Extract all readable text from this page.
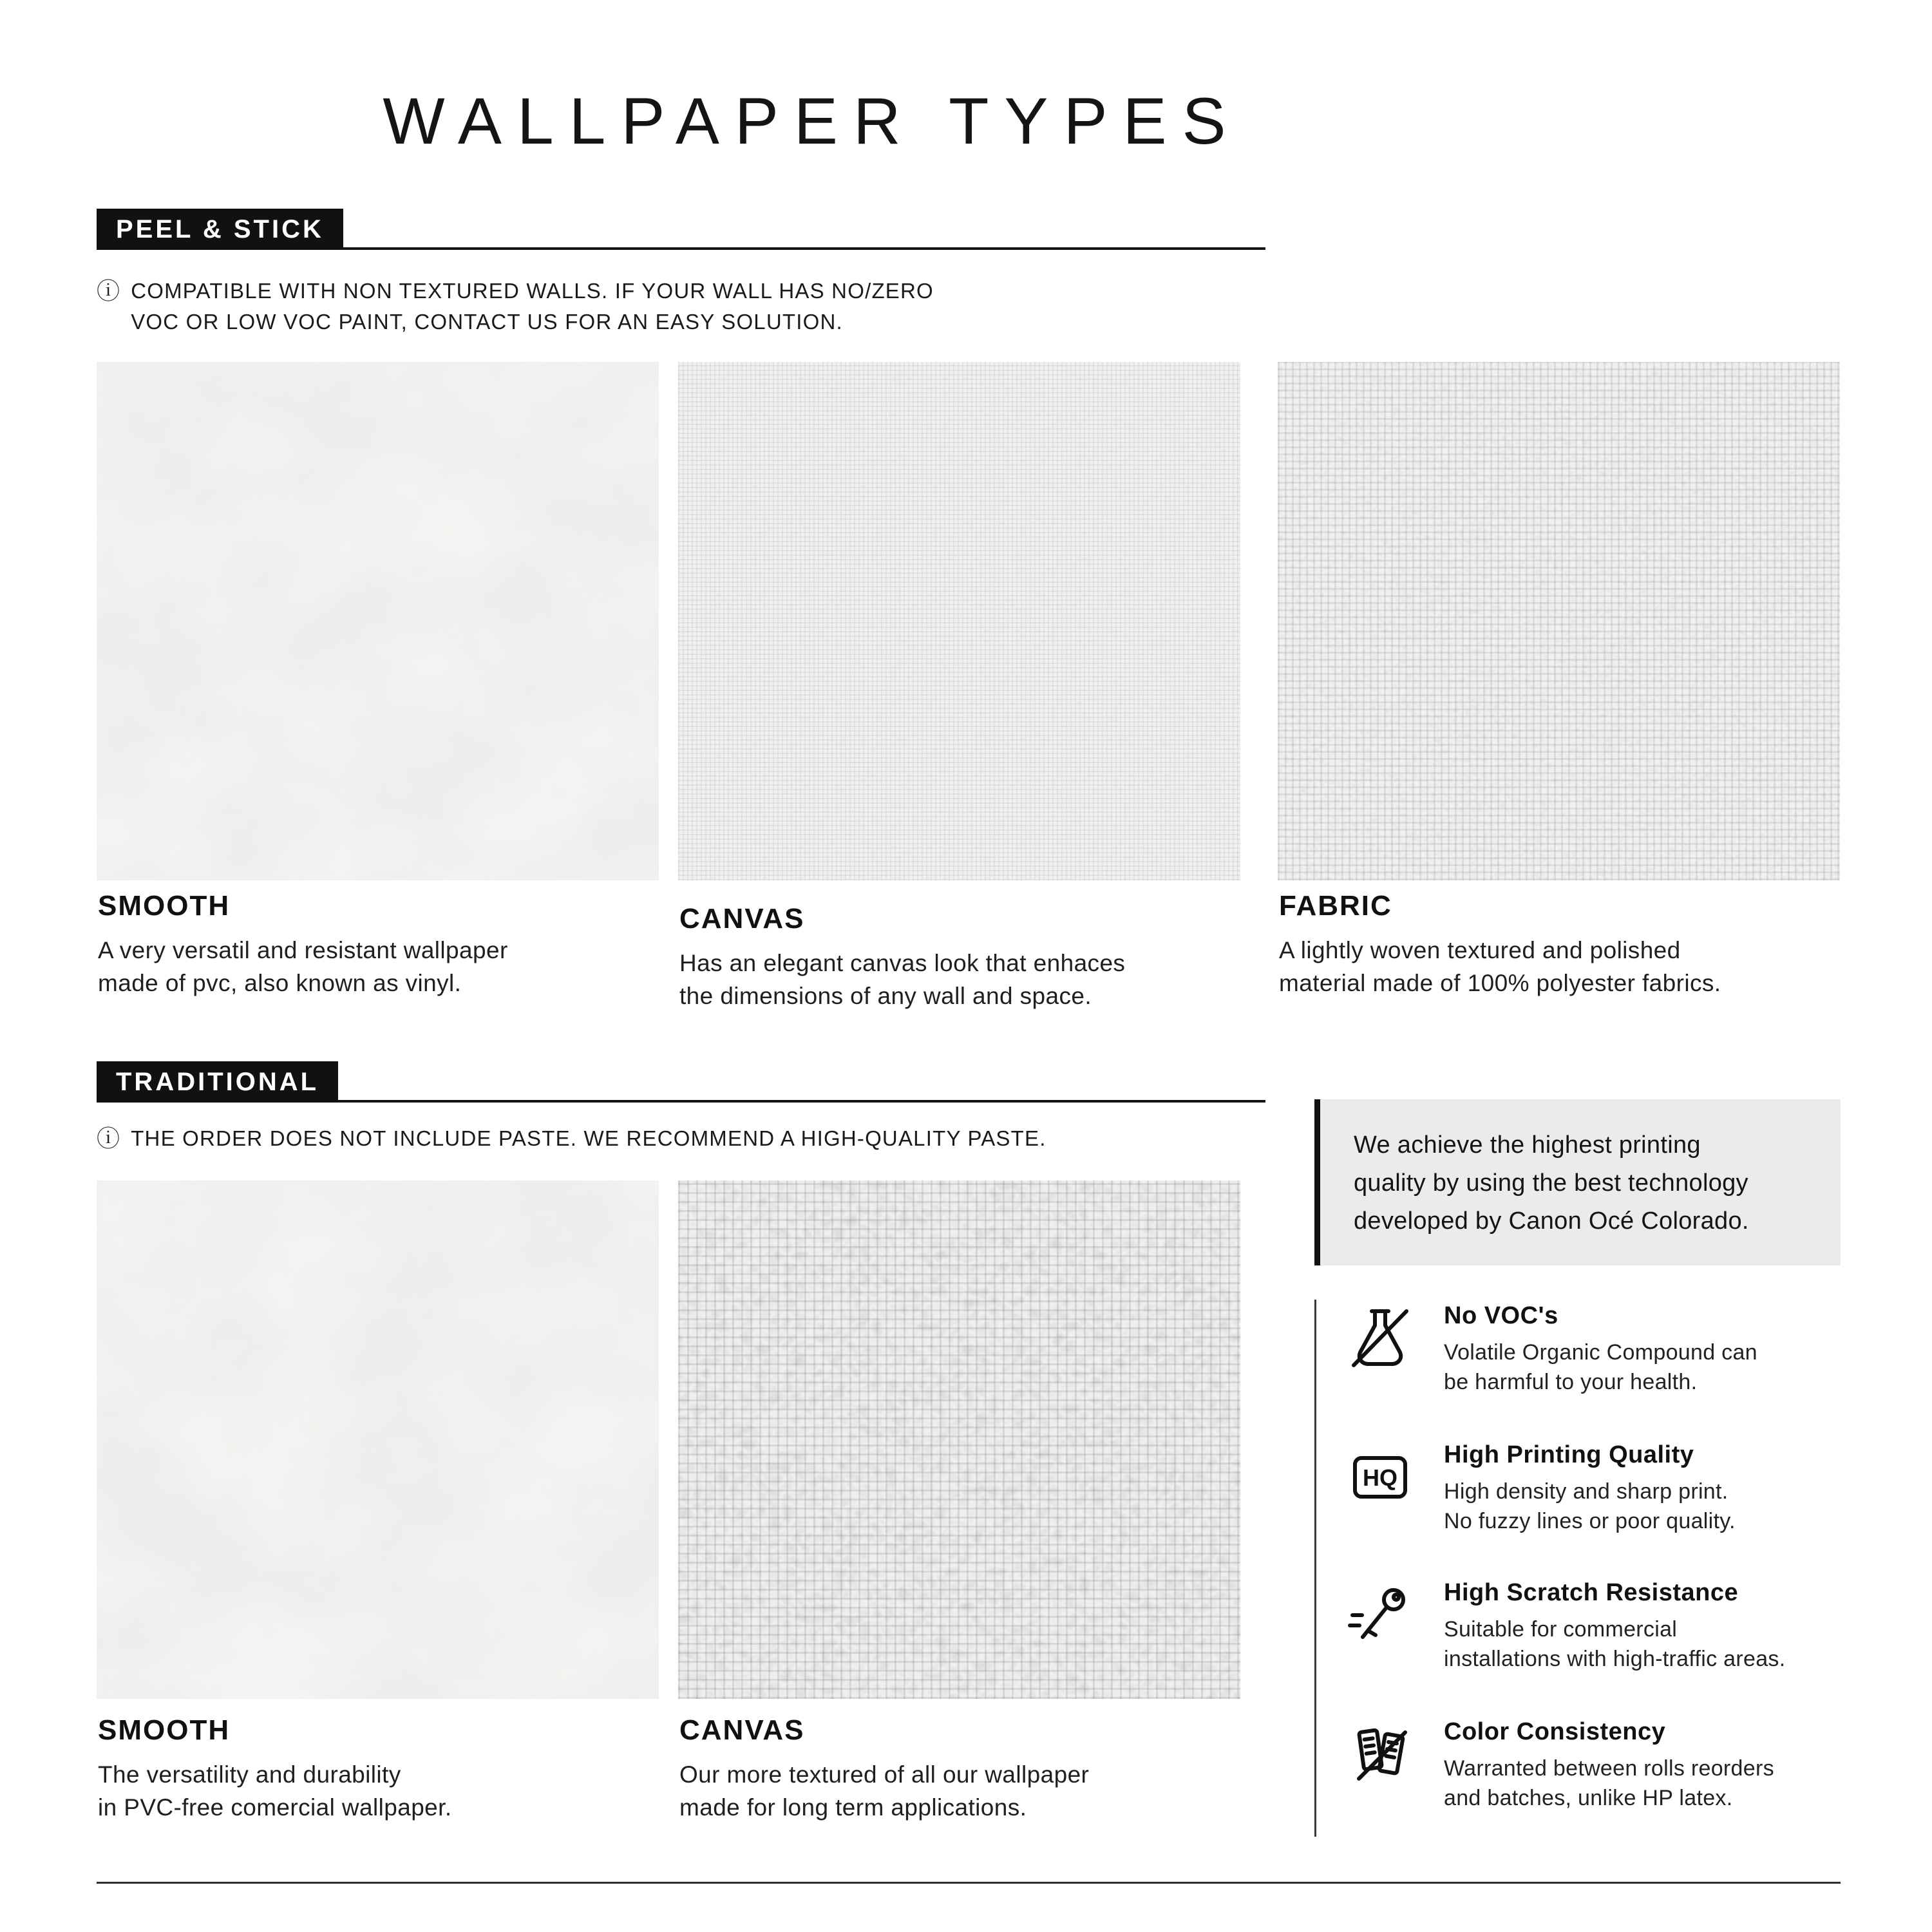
WALLPAPER TYPES
PEEL & STICK
ⓘ COMPATIBLE WITH NON TEXTURED WALLS. IF YOUR WALL HAS NO/ZERO
VOC OR LOW VOC PAINT, CONTACT US FOR AN EASY SOLUTION.
SMOOTH	CANVAS	FABRIC
A very versatil and resistant wallpaper
made of pvc, also known as vinyl.
Has an elegant canvas look that enhaces
the dimensions of any wall and space.
A lightly woven textured and polished
material made of 100% polyester fabrics.
TRADITIONAL
ⓘ THE ORDER DOES NOT INCLUDE PASTE. WE RECOMMEND A HIGH-QUALITY PASTE.
SMOOTH	CANVAS
The versatility and durability
in PVC-free comercial wallpaper.
Our more textured of all our wallpaper
made for long term applications.
We achieve the highest printing
quality by using the best technology
developed by Canon Océ Colorado.
No VOC's
Volatile Organic Compound can
be harmful to your health.
HQ
High Printing Quality
High density and sharp print.
No fuzzy lines or poor quality.
High Scratch Resistance
Suitable for commercial
installations with high-traffic areas.
Color Consistency
Warranted between rolls reorders
and batches, unlike HP latex.
